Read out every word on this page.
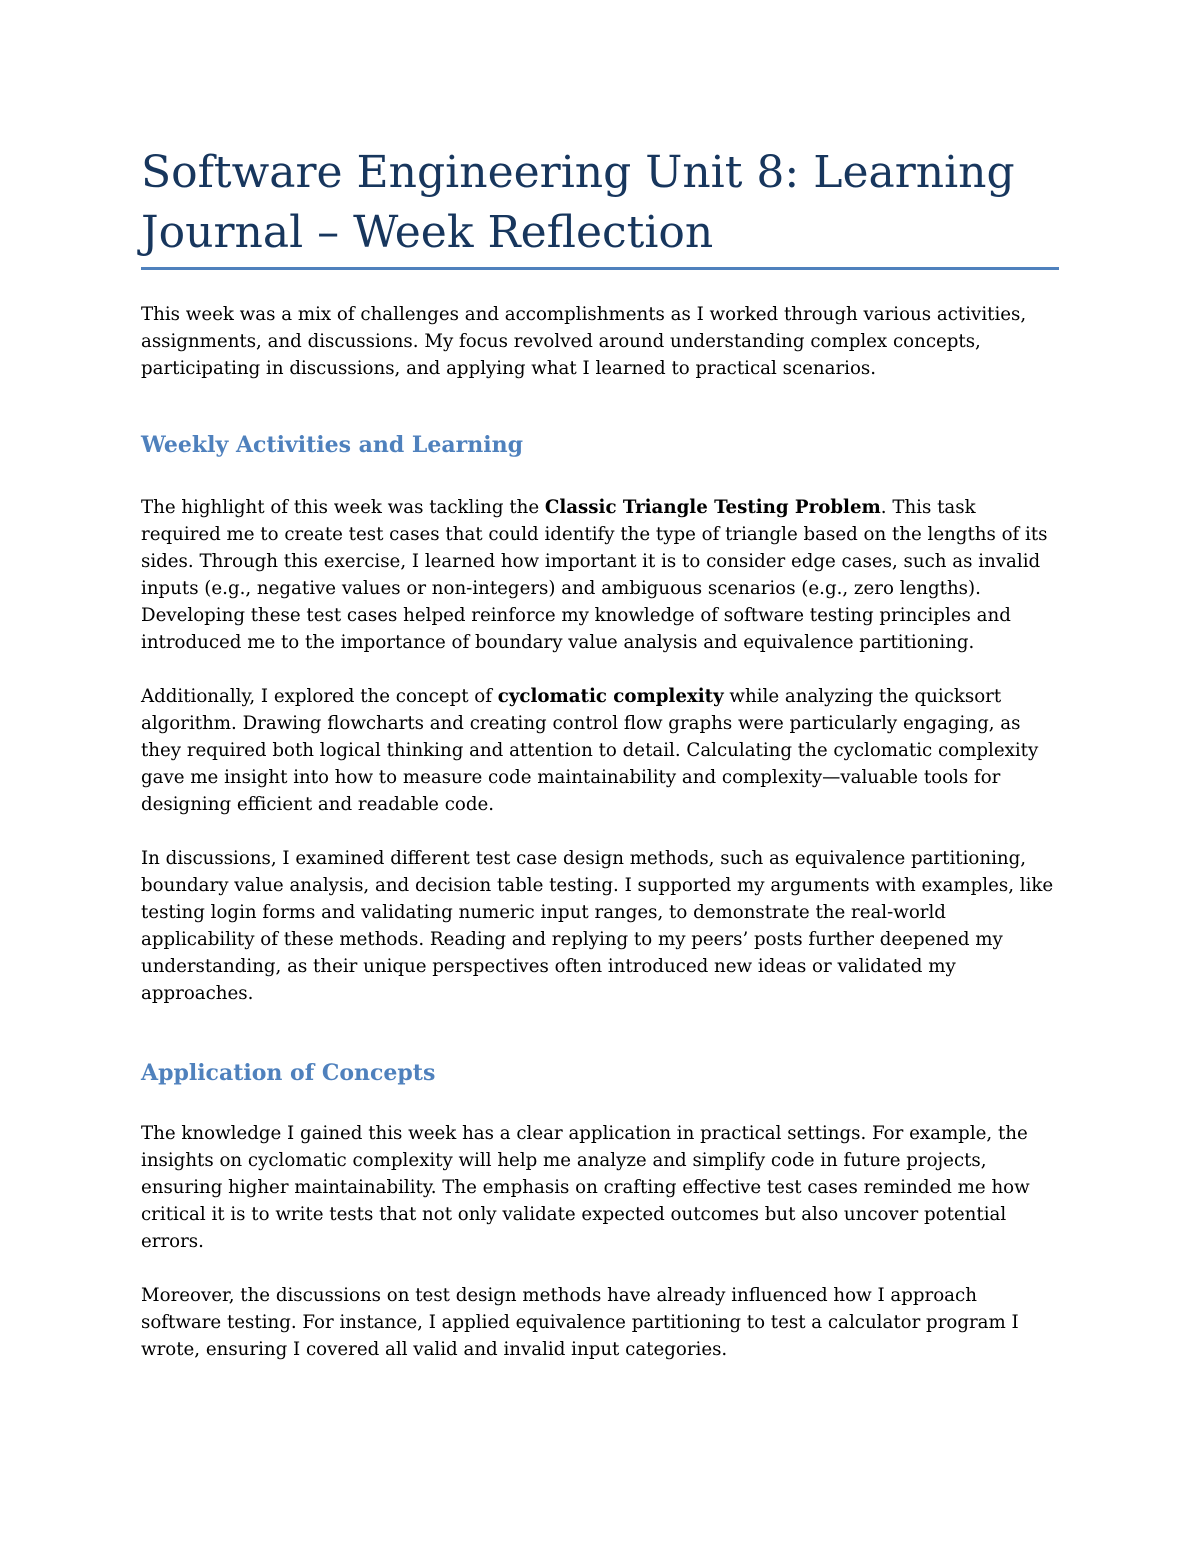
Software Engineering Unit 8: Learning Journal – Week Reflection

This week was a mix of challenges and accomplishments as I worked through various activities, assignments, and discussions. My focus revolved around understanding complex concepts, participating in discussions, and applying what I learned to practical scenarios.

Weekly Activities and Learning

The highlight of this week was tackling the Classic Triangle Testing Problem. This task required me to create test cases that could identify the type of triangle based on the lengths of its sides. Through this exercise, I learned how important it is to consider edge cases, such as invalid inputs (e.g., negative values or non-integers) and ambiguous scenarios (e.g., zero lengths). Developing these test cases helped reinforce my knowledge of software testing principles and introduced me to the importance of boundary value analysis and equivalence partitioning.

Additionally, I explored the concept of cyclomatic complexity while analyzing the quicksort algorithm. Drawing flowcharts and creating control flow graphs were particularly engaging, as they required both logical thinking and attention to detail. Calculating the cyclomatic complexity gave me insight into how to measure code maintainability and complexity—valuable tools for designing efficient and readable code.

In discussions, I examined different test case design methods, such as equivalence partitioning, boundary value analysis, and decision table testing. I supported my arguments with examples, like testing login forms and validating numeric input ranges, to demonstrate the real-world applicability of these methods. Reading and replying to my peers’ posts further deepened my understanding, as their unique perspectives often introduced new ideas or validated my approaches.

Application of Concepts

The knowledge I gained this week has a clear application in practical settings. For example, the insights on cyclomatic complexity will help me analyze and simplify code in future projects, ensuring higher maintainability. The emphasis on crafting effective test cases reminded me how critical it is to write tests that not only validate expected outcomes but also uncover potential errors.

Moreover, the discussions on test design methods have already influenced how I approach software testing. For instance, I applied equivalence partitioning to test a calculator program I wrote, ensuring I covered all valid and invalid input categories.
